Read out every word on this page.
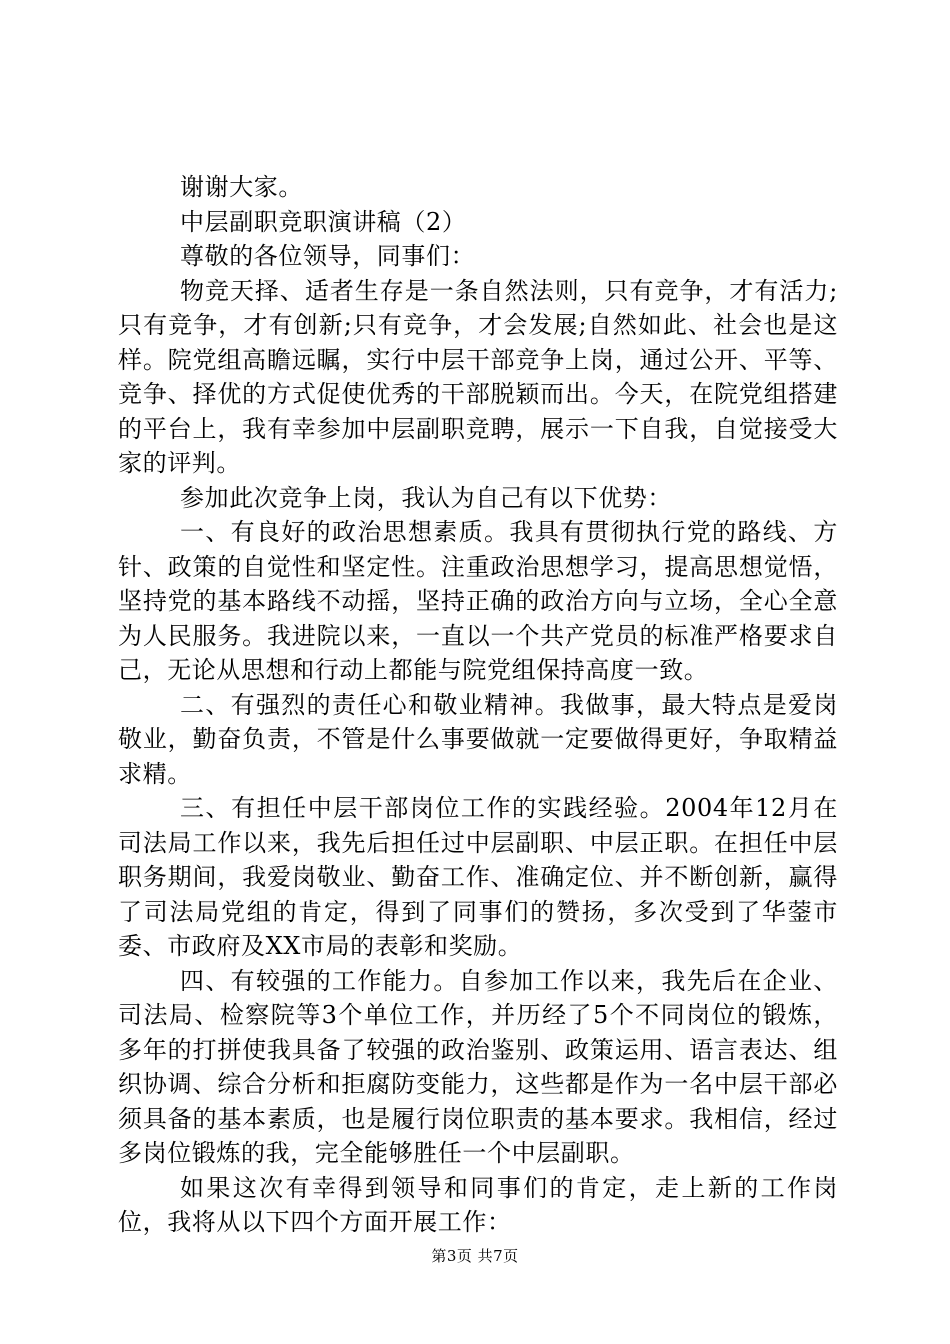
谢谢大家。

中层副职竞职演讲稿（2）

尊敬的各位领导，同事们：

物竞天择、适者生存是一条自然法则，只有竞争，才有活力;只有竞争，才有创新;只有竞争，才会发展;自然如此、社会也是这样。院党组高瞻远瞩，实行中层干部竞争上岗，通过公开、平等、竞争、择优的方式促使优秀的干部脱颖而出。今天，在院党组搭建的平台上，我有幸参加中层副职竞聘，展示一下自我，自觉接受大家的评判。

参加此次竞争上岗，我认为自己有以下优势：

一、有良好的政治思想素质。我具有贯彻执行党的路线、方针、政策的自觉性和坚定性。注重政治思想学习，提高思想觉悟，坚持党的基本路线不动摇，坚持正确的政治方向与立场，全心全意为人民服务。我进院以来，一直以一个共产党员的标准严格要求自己，无论从思想和行动上都能与院党组保持高度一致。

二、有强烈的责任心和敬业精神。我做事，最大特点是爱岗敬业，勤奋负责，不管是什么事要做就一定要做得更好，争取精益求精。

三、有担任中层干部岗位工作的实践经验。2004年12月在司法局工作以来，我先后担任过中层副职、中层正职。在担任中层职务期间，我爱岗敬业、勤奋工作、准确定位、并不断创新，赢得了司法局党组的肯定，得到了同事们的赞扬，多次受到了华蓥市委、市政府及XX市局的表彰和奖励。

四、有较强的工作能力。自参加工作以来，我先后在企业、司法局、检察院等3个单位工作，并历经了5个不同岗位的锻炼，多年的打拼使我具备了较强的政治鉴别、政策运用、语言表达、组织协调、综合分析和拒腐防变能力，这些都是作为一名中层干部必须具备的基本素质，也是履行岗位职责的基本要求。我相信，经过多岗位锻炼的我，完全能够胜任一个中层副职。

如果这次有幸得到领导和同事们的肯定，走上新的工作岗位，我将从以下四个方面开展工作：

第3页 共7页
